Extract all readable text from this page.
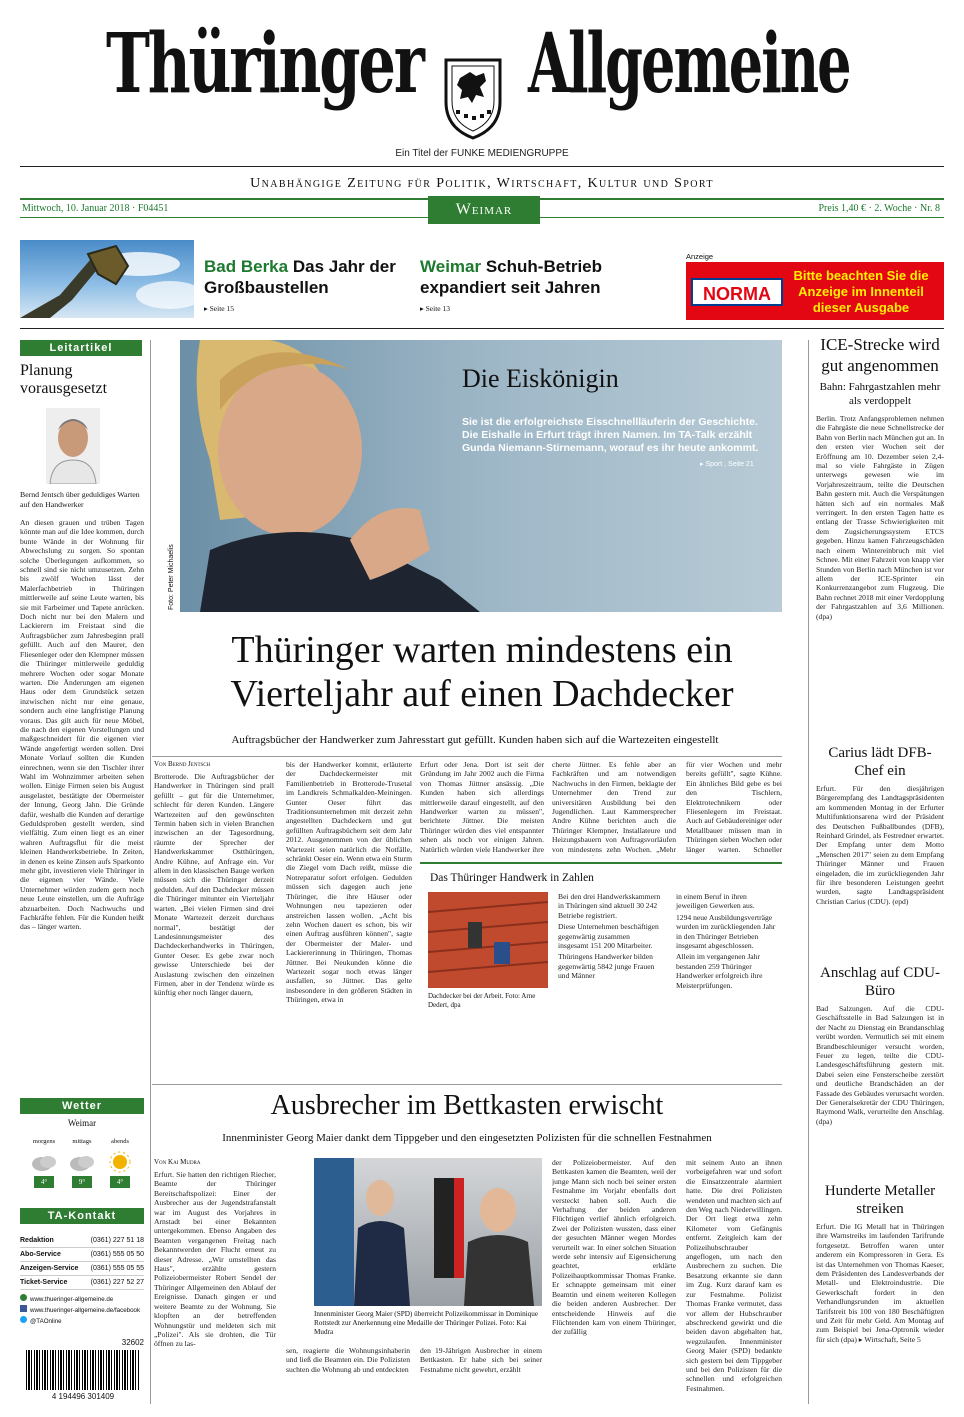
Thüringer Allgemeine
Ein Titel der FUNKE MEDIENGRUPPE
Unabhängige Zeitung für Politik, Wirtschaft, Kultur und Sport
Mittwoch, 10. Januar 2018 · F04451	Preis 1,40 € · 2. Woche · Nr. 8
Weimar
Bad Berka Das Jahr der Großbaustellen
▸ Seite 15
Weimar Schuh-Betrieb expandiert seit Jahren
▸ Seite 13
Anzeige
NORMA
Bitte beachten Sie die Anzeige im Innenteil dieser Ausgabe
Leitartikel
Planung vorausgesetzt
Bernd Jentsch über geduldiges Warten auf den Handwerker
An diesen grauen und trüben Tagen könnte man auf die Idee kommen, durch bunte Wände in der Wohnung für Abwechslung zu sorgen. So spontan solche Überlegungen aufkommen, so schnell sind sie nicht umzusetzen. Zehn bis zwölf Wochen lässt der Malerfachbetrieb in Thüringen mittlerweile auf seine Leute warten, bis sie mit Farbeimer und Tapete anrücken. Doch nicht nur bei den Malern und Lackierern im Freistaat sind die Auftragsbücher zum Jahresbeginn prall gefüllt. Auch auf den Maurer, den Fliesenleger oder den Klempner müssen die Thüringer mittlerweile geduldig mehrere Wochen oder sogar Monate warten. Die Änderungen am eigenen Haus oder dem Grundstück setzen inzwischen nicht nur eine genaue, sondern auch eine langfristige Planung voraus. Das gilt auch für neue Möbel, die nach den eigenen Vorstellungen und maßgeschneidert für die eigenen vier Wände angefertigt werden sollen. Drei Monate Vorlauf sollten die Kunden einrechnen, wenn sie den Tischler ihrer Wahl im Wohnzimmer arbeiten sehen wollen. Einige Firmen seien bis August ausgelastet, bestätigte der Obermeister der Innung, Georg Jahn. Die Gründe dafür, weshalb die Kunden auf derartige Geduldsproben gestellt werden, sind vielfältig. Zum einen liegt es an einer wahren Auftragsflut für die meist kleinen Handwerksbetriebe. In Zeiten, in denen es keine Zinsen aufs Sparkonto mehr gibt, investieren viele Thüringer in die eigenen vier Wände. Viele Unternehmer würden zudem gern noch neue Leute einstellen, um die Aufträge abzuarbeiten. Doch Nachwuchs und Fachkräfte fehlen. Für die Kunden heißt das – länger warten.
Wetter
Weimar
morgens	mittags	abends
4°	9°	4°
TA-Kontakt
Redaktion	(0361) 227 51 18
Abo-Service	(0361) 555 05 50
Anzeigen-Service (0361) 555 05 55
Ticket-Service	(0361) 227 52 27
www.thueringer-allgemeine.de
www.thueringer-allgemeine.de/facebook
@TAOnline
32602
4 194496 301409
Die Eiskönigin
Sie ist die erfolgreichste Eisschnellläuferin der Geschichte. Die Eishalle in Erfurt trägt ihren Namen. Im TA-Talk erzählt Gunda Niemann-Stirnemann, worauf es ihr heute ankommt.
▸ Sport , Seite 21
Foto: Peter Michaelis
Thüringer warten mindestens ein Vierteljahr auf einen Dachdecker
Auftragsbücher der Handwerker zum Jahresstart gut gefüllt. Kunden haben sich auf die Wartezeiten eingestellt
Von Bernd Jentsch
Brotterode. Die Auftragsbücher der Handwerker in Thüringen sind prall gefüllt – gut für die Unternehmer, schlecht für deren Kunden. Längere Wartezeiten auf den gewünschten Termin haben sich in vielen Branchen inzwischen an der Tagesordnung, räumte der Sprecher der Handwerkskammer Ostthüringen, Andre Kühne, auf Anfrage ein. Vor allem in den klassischen Bauge werken müssen sich die Thüringer derzeit gedulden. Auf den Dachdecker müssen die Thüringer mitunter ein Vierteljahr warten. „Bei vielen Firmen sind drei Monate Wartezeit derzeit durchaus normal", bestätigt der Landesinnungsmeister des Dachdeckerhandwerks in Thüringen, Gunter Oeser. Es gebe zwar noch gewisse Unterschiede bei der Auslastung zwischen den einzelnen Firmen, aber in der Tendenz würde es künftig eher noch länger dauern,
bis der Handwerker kommt, erläuterte der Dachdeckermeister mit Familienbetrieb in Brotterode-Trusetal im Landkreis Schmalkalden-Meiningen. Gunter Oeser führt das Traditionsunternehmen mit derzeit zehn angestellten Dachdeckern und gut gefüllten Auftragsbüchern seit dem Jahr 2012. Ausgenommen von der üblichen Wartezeit seien natürlich die Notfälle, schränkt Oeser ein. Wenn etwa ein Sturm die Ziegel vom Dach reißt, müsse die Notreparatur sofort erfolgen. Gedulden müssen sich dagegen auch jene Thüringer, die ihre Häuser oder Wohnungen neu tapezieren oder anstreichen lassen wollen. „Acht bis zehn Wochen dauert es schon, bis wir einen Auftrag ausführen können", sagte der Obermeister der Maler- und Lackiererinnung in Thüringen, Thomas Jüttner. Bei Neukunden könne die Wartezeit sogar noch etwas länger ausfallen, so Jüttner. Das gelte insbesondere in den größeren Städten in Thüringen, etwa in
Erfurt oder Jena. Dort ist seit der Gründung im Jahr 2002 auch die Firma von Thomas Jüttner ansässig. „Die Kunden haben sich allerdings mittlerweile darauf eingestellt, auf den Handwerker warten zu müssen", berichtete Jüttner. Die meisten Thüringer würden dies viel entspannter sehen als noch vor einigen Jahren. Natürlich würden viele Handwerker ihre
cherte Jüttner. Es fehle aber an Fachkräften und am notwendigen Nachwuchs in den Firmen, beklagte der Unternehmer den Trend zur universitären Ausbildung bei den Jugendlichen. Laut Kammersprecher Andre Kühne berichten auch die Thüringer Klempner, Installateure und Heizungsbauern von Auftragsvorläufen von mindestens zehn Wochen. „Mehr
für vier Wochen und mehr bereits gefüllt", sagte Kühne. Ein ähnliches Bild gebe es bei den Tischlern, Elektrotechnikern oder Fliesenlegern im Freistaat. Auch auf Gebäudereiniger oder Metallbauer müssen man in Thüringen sieben Wochen oder länger warten. Schneller
Das Thüringer Handwerk in Zahlen
Dachdecker bei der Arbeit. Foto: Arne Dedert, dpa
Bei den drei Handwerkskammern in Thüringen sind aktuell 30 242 Betriebe registriert.
Diese Unternehmen beschäftigen gegenwärtig zusammen insgesamt 151 200 Mitarbeiter.
Thüringens Handwerker bilden gegenwärtig 5842 junge Frauen und Männer
in einem Beruf in ihren jeweiligen Gewerken aus.
1294 neue Ausbildungsverträge wurden im zurückliegenden Jahr in den Thüringer Betrieben insgesamt abgeschlossen.
Allein im vergangenen Jahr bestanden 259 Thüringer Handwerker erfolgreich ihre Meisterprüfungen.
Ausbrecher im Bettkasten erwischt
Innenminister Georg Maier dankt dem Tippgeber und den eingesetzten Polizisten für die schnellen Festnahmen
Von Kai Mudra
Erfurt. Sie hatten den richtigen Riecher, Beamte der Thüringer Bereitschaftspolizei: Einer der Ausbrecher aus der Jugendstrafanstalt war im August des Vorjahres in Arnstadt bei einer Bekannten untergekommen. Ebenso Angaben des Beamten vergangenen Freitag nach Bekanntwerden der Flucht erneut zu dieser Adresse. „Wir umstellten das Haus", erzählte gestern Polizeiobermeister Robert Sendel der Thüringer Allgemeinen den Ablauf der Ereignisse. Danach gingen er und weitere Beamte zu der Wohnung. Sie klopften an der betreffenden Wohnungstür und meldeten sich mit „Polizei". Als sie drohten, die Tür öffnen zu las-
Innenminister Georg Maier (SPD) überreicht Polizeikommissar in Dominique Rottstedt zur Anerkennung eine Medaille der Thüringer Polizei. Foto: Kai Mudra
sen, reagierte die Wohnungsinhaberin und ließ die Beamten ein. Die Polizisten suchten die Wohnung ab und entdeckten
den 19-Jährigen Ausbrecher in einem Bettkasten. Er habe sich bei seiner Festnahme nicht gewehrt, erzählt
der Polizeiobermeister. Auf den Bettkasten kamen die Beamten, weil der junge Mann sich noch bei seiner ersten Festnahme im Vorjahr ebenfalls dort versteckt haben soll. Auch die Verhaftung der beiden anderen Flüchtigen verlief ähnlich erfolgreich. Zwei der Polizisten wussten, dass einer der gesuchten Männer wegen Mordes verurteilt war. In einer solchen Situation werde sehr intensiv auf Eigensicherung geachtet, erklärte Polizeihauptkommissar Thomas Franke. Er schnappte gemeinsam mit einer Beamtin und einem weiteren Kollegen die beiden anderen Ausbrecher. Der entscheidende Hinweis auf die Flüchtenden kam von einem Thüringer, der zufällig
mit seinem Auto an ihnen vorbeigefahren war und sofort die Einsatzzentrale alarmiert hatte. Die drei Polizisten wendeten und machten sich auf den Weg nach Niederwillingen. Der Ort liegt etwa zehn Kilometer vom Gefängnis entfernt. Zeitgleich kam der Polizeihubschrauber angeflogen, um nach den Ausbrechern zu suchen. Die Besatzung erkannte sie dann im Zug. Kurz darauf kam es zur Festnahme. Polizist Thomas Franke vermutet, dass vor allem der Hubschrauber abschreckend gewirkt und die beiden davon abgehalten hat, wegzulaufen. Innenminister Georg Maier (SPD) bedankte sich gestern bei dem Tippgeber und bei den Polizisten für die schnellen und erfolgreichen Festnahmen.
ICE-Strecke wird gut angenommen
Bahn: Fahrgastzahlen mehr als verdoppelt
Berlin. Trotz Anfangsproblemen nehmen die Fahrgäste die neue Schnellstrecke der Bahn von Berlin nach München gut an. In den ersten vier Wochen seit der Eröffnung am 10. Dezember seien 2,4-mal so viele Fahrgäste in Zügen unterwegs gewesen wie im Vorjahreszeitraum, teilte die Deutschen Bahn gestern mit. Auch die Verspätungen hätten sich auf ein normales Maß verringert. In den ersten Tagen hatte es entlang der Trasse Schwierigkeiten mit dem Zugsicherungssystem ETCS gegeben. Hinzu kamen Fahrzeugschäden nach einem Wintereinbruch mit viel Schnee. Mit einer Fahrzeit von knapp vier Stunden von Berlin nach München ist vor allem der ICE-Sprinter ein Konkurrenzangebot zum Flugzeug. Die Bahn rechnet 2018 mit einer Verdopplung der Fahrgastzahlen auf 3,6 Millionen. (dpa)
Carius lädt DFB-Chef ein
Erfurt. Für den diesjährigen Bürgerempfang des Landtagspräsidenten am kommenden Montag in der Erfurter Multifunktionsarena wird der Präsident des Deutschen Fußballbundes (DFB), Reinhard Grindel, als Festredner erwartet. Der Empfang unter dem Motto „Menschen 2017" seien zu dem Empfang Thüringer Männer und Frauen eingeladen, die im zurückliegenden Jahr für ihre besonderen Leistungen geehrt wurden, sagte Landtagspräsident Christian Carius (CDU). (epd)
Anschlag auf CDU-Büro
Bad Salzungen. Auf die CDU-Geschäftsstelle in Bad Salzungen ist in der Nacht zu Dienstag ein Brandanschlag verübt worden. Vermutlich sei mit einem Brandbeschleuniger versucht worden, Feuer zu legen, teilte die CDU-Landesgeschäftsführung gestern mit. Dabei seien eine Fensterscheibe zerstört und deutliche Brandschäden an der Fassade des Gebäudes verursacht worden. Der Generalsekretär der CDU Thüringen, Raymond Walk, verurteilte den Anschlag. (dpa)
Hunderte Metaller streiken
Erfurt. Die IG Metall hat in Thüringen ihre Warnstreiks im laufenden Tarifrunde fortgesetzt. Betroffen waren unter anderem ein Kompressoren in Gera. Es ist das Unternehmen von Thomas Kaeser, dem Präsidenten des Landesverbands der Metall- und Elektroindustrie. Die Gewerkschaft fordert in den Verhandlungsrunden im aktuellen Tarifstreit bis 100 von 180 Beschäftigten und Zeit für mehr Geld. Am Montag auf zum Beispiel bei Jena-Optronik wieder für sich (dpa) ▸ Wirtschaft, Seite 5
